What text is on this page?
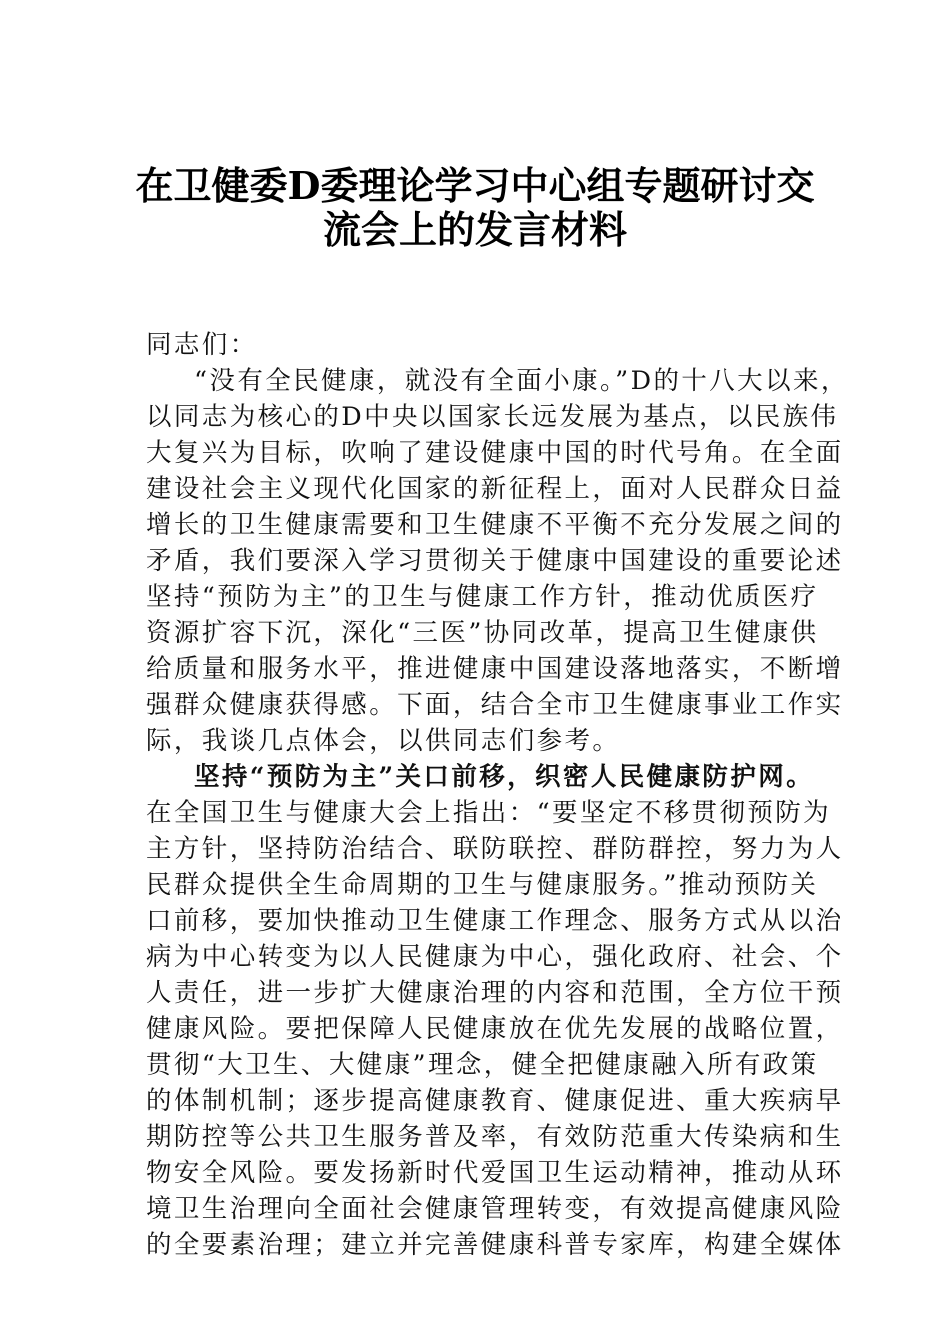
在卫健委D委理论学习中心组专题研讨交
流会上的发言材料
同志们：
“没有全民健康，就没有全面小康。”D的十八大以来，
以同志为核心的D中央以国家长远发展为基点，以民族伟
大复兴为目标，吹响了建设健康中国的时代号角。在全面
建设社会主义现代化国家的新征程上，面对人民群众日益
增长的卫生健康需要和卫生健康不平衡不充分发展之间的
矛盾，我们要深入学习贯彻关于健康中国建设的重要论述
坚持“预防为主”的卫生与健康工作方针，推动优质医疗
资源扩容下沉，深化“三医”协同改革，提高卫生健康供
给质量和服务水平，推进健康中国建设落地落实，不断增
强群众健康获得感。下面，结合全市卫生健康事业工作实
际，我谈几点体会，以供同志们参考。
坚持“预防为主”关口前移，织密人民健康防护网。
在全国卫生与健康大会上指出：“要坚定不移贯彻预防为
主方针，坚持防治结合、联防联控、群防群控，努力为人
民群众提供全生命周期的卫生与健康服务。”推动预防关
口前移，要加快推动卫生健康工作理念、服务方式从以治
病为中心转变为以人民健康为中心，强化政府、社会、个
人责任，进一步扩大健康治理的内容和范围，全方位干预
健康风险。要把保障人民健康放在优先发展的战略位置，
贯彻“大卫生、大健康”理念，健全把健康融入所有政策
的体制机制；逐步提高健康教育、健康促进、重大疾病早
期防控等公共卫生服务普及率，有效防范重大传染病和生
物安全风险。要发扬新时代爱国卫生运动精神，推动从环
境卫生治理向全面社会健康管理转变，有效提高健康风险
的全要素治理；建立并完善健康科普专家库，构建全媒体
